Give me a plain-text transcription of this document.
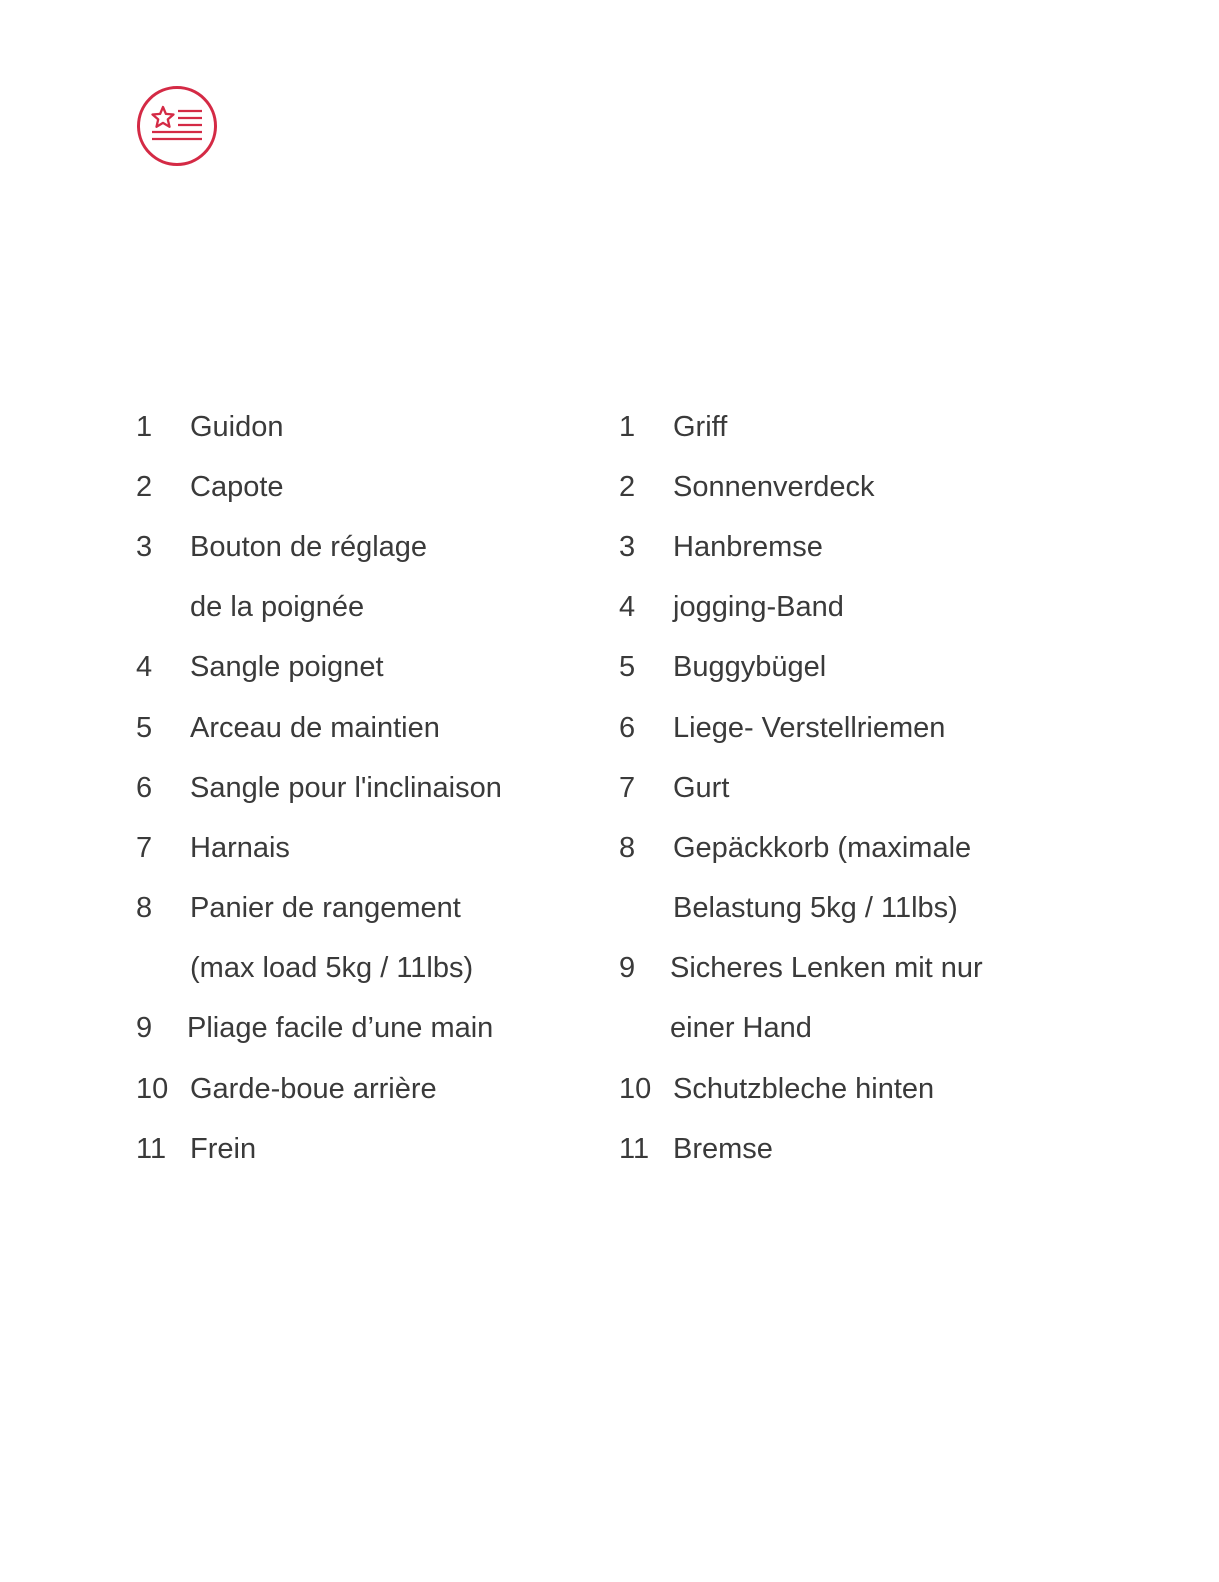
1	Guidon
2	Capote
3	Bouton de réglage
de la poignée
4	Sangle poignet
5	Arceau de maintien
6	Sangle pour l'inclinaison
7	Harnais
8	Panier de rangement
(max load 5kg / 11lbs)
9	Pliage facile d’une main
10 Garde-boue arrière
11 Frein
1	Griff
2	Sonnenverdeck
3	Hanbremse
4	jogging-Band
5	Buggybügel
6	Liege- Verstellriemen
7	Gurt
8	Gepäckkorb (maximale
Belastung 5kg / 11lbs)
9	Sicheres Lenken mit nur
einer Hand
10 Schutzbleche hinten
11 Bremse
